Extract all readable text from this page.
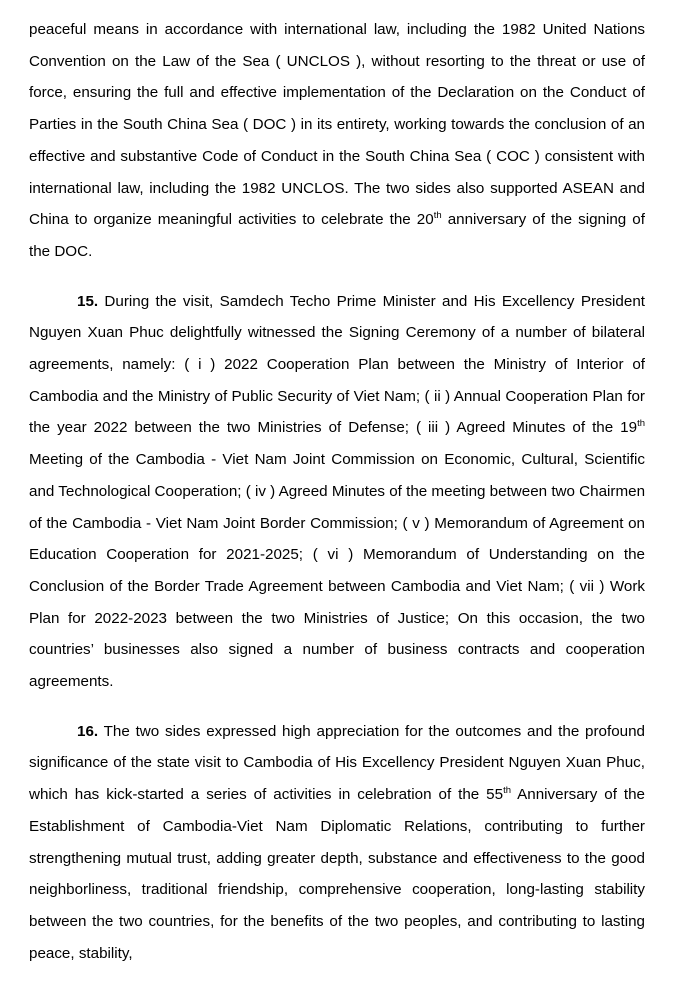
peaceful means in accordance with international law, including the 1982 United Nations Convention on the Law of the Sea ( UNCLOS ), without resorting to the threat or use of force, ensuring the full and effective implementation of the Declaration on the Conduct of Parties in the South China Sea ( DOC ) in its entirety, working towards the conclusion of an effective and substantive Code of Conduct in the South China Sea ( COC ) consistent with international law, including the 1982 UNCLOS. The two sides also supported ASEAN and China to organize meaningful activities to celebrate the 20th anniversary of the signing of the DOC.

15. During the visit, Samdech Techo Prime Minister and His Excellency President Nguyen Xuan Phuc delightfully witnessed the Signing Ceremony of a number of bilateral agreements, namely: ( i ) 2022 Cooperation Plan between the Ministry of Interior of Cambodia and the Ministry of Public Security of Viet Nam; ( ii ) Annual Cooperation Plan for the year 2022 between the two Ministries of Defense; ( iii ) Agreed Minutes of the 19th Meeting of the Cambodia - Viet Nam Joint Commission on Economic, Cultural, Scientific and Technological Cooperation; ( iv ) Agreed Minutes of the meeting between two Chairmen of the Cambodia - Viet Nam Joint Border Commission; ( v ) Memorandum of Agreement on Education Cooperation for 2021-2025; ( vi ) Memorandum of Understanding on the Conclusion of the Border Trade Agreement between Cambodia and Viet Nam; ( vii ) Work Plan for 2022-2023 between the two Ministries of Justice; On this occasion, the two countries’ businesses also signed a number of business contracts and cooperation agreements.

16. The two sides expressed high appreciation for the outcomes and the profound significance of the state visit to Cambodia of His Excellency President Nguyen Xuan Phuc, which has kick-started a series of activities in celebration of the 55th Anniversary of the Establishment of Cambodia-Viet Nam Diplomatic Relations, contributing to further strengthening mutual trust, adding greater depth, substance and effectiveness to the good neighborliness, traditional friendship, comprehensive cooperation, long-lasting stability between the two countries, for the benefits of the two peoples, and contributing to lasting peace, stability,
